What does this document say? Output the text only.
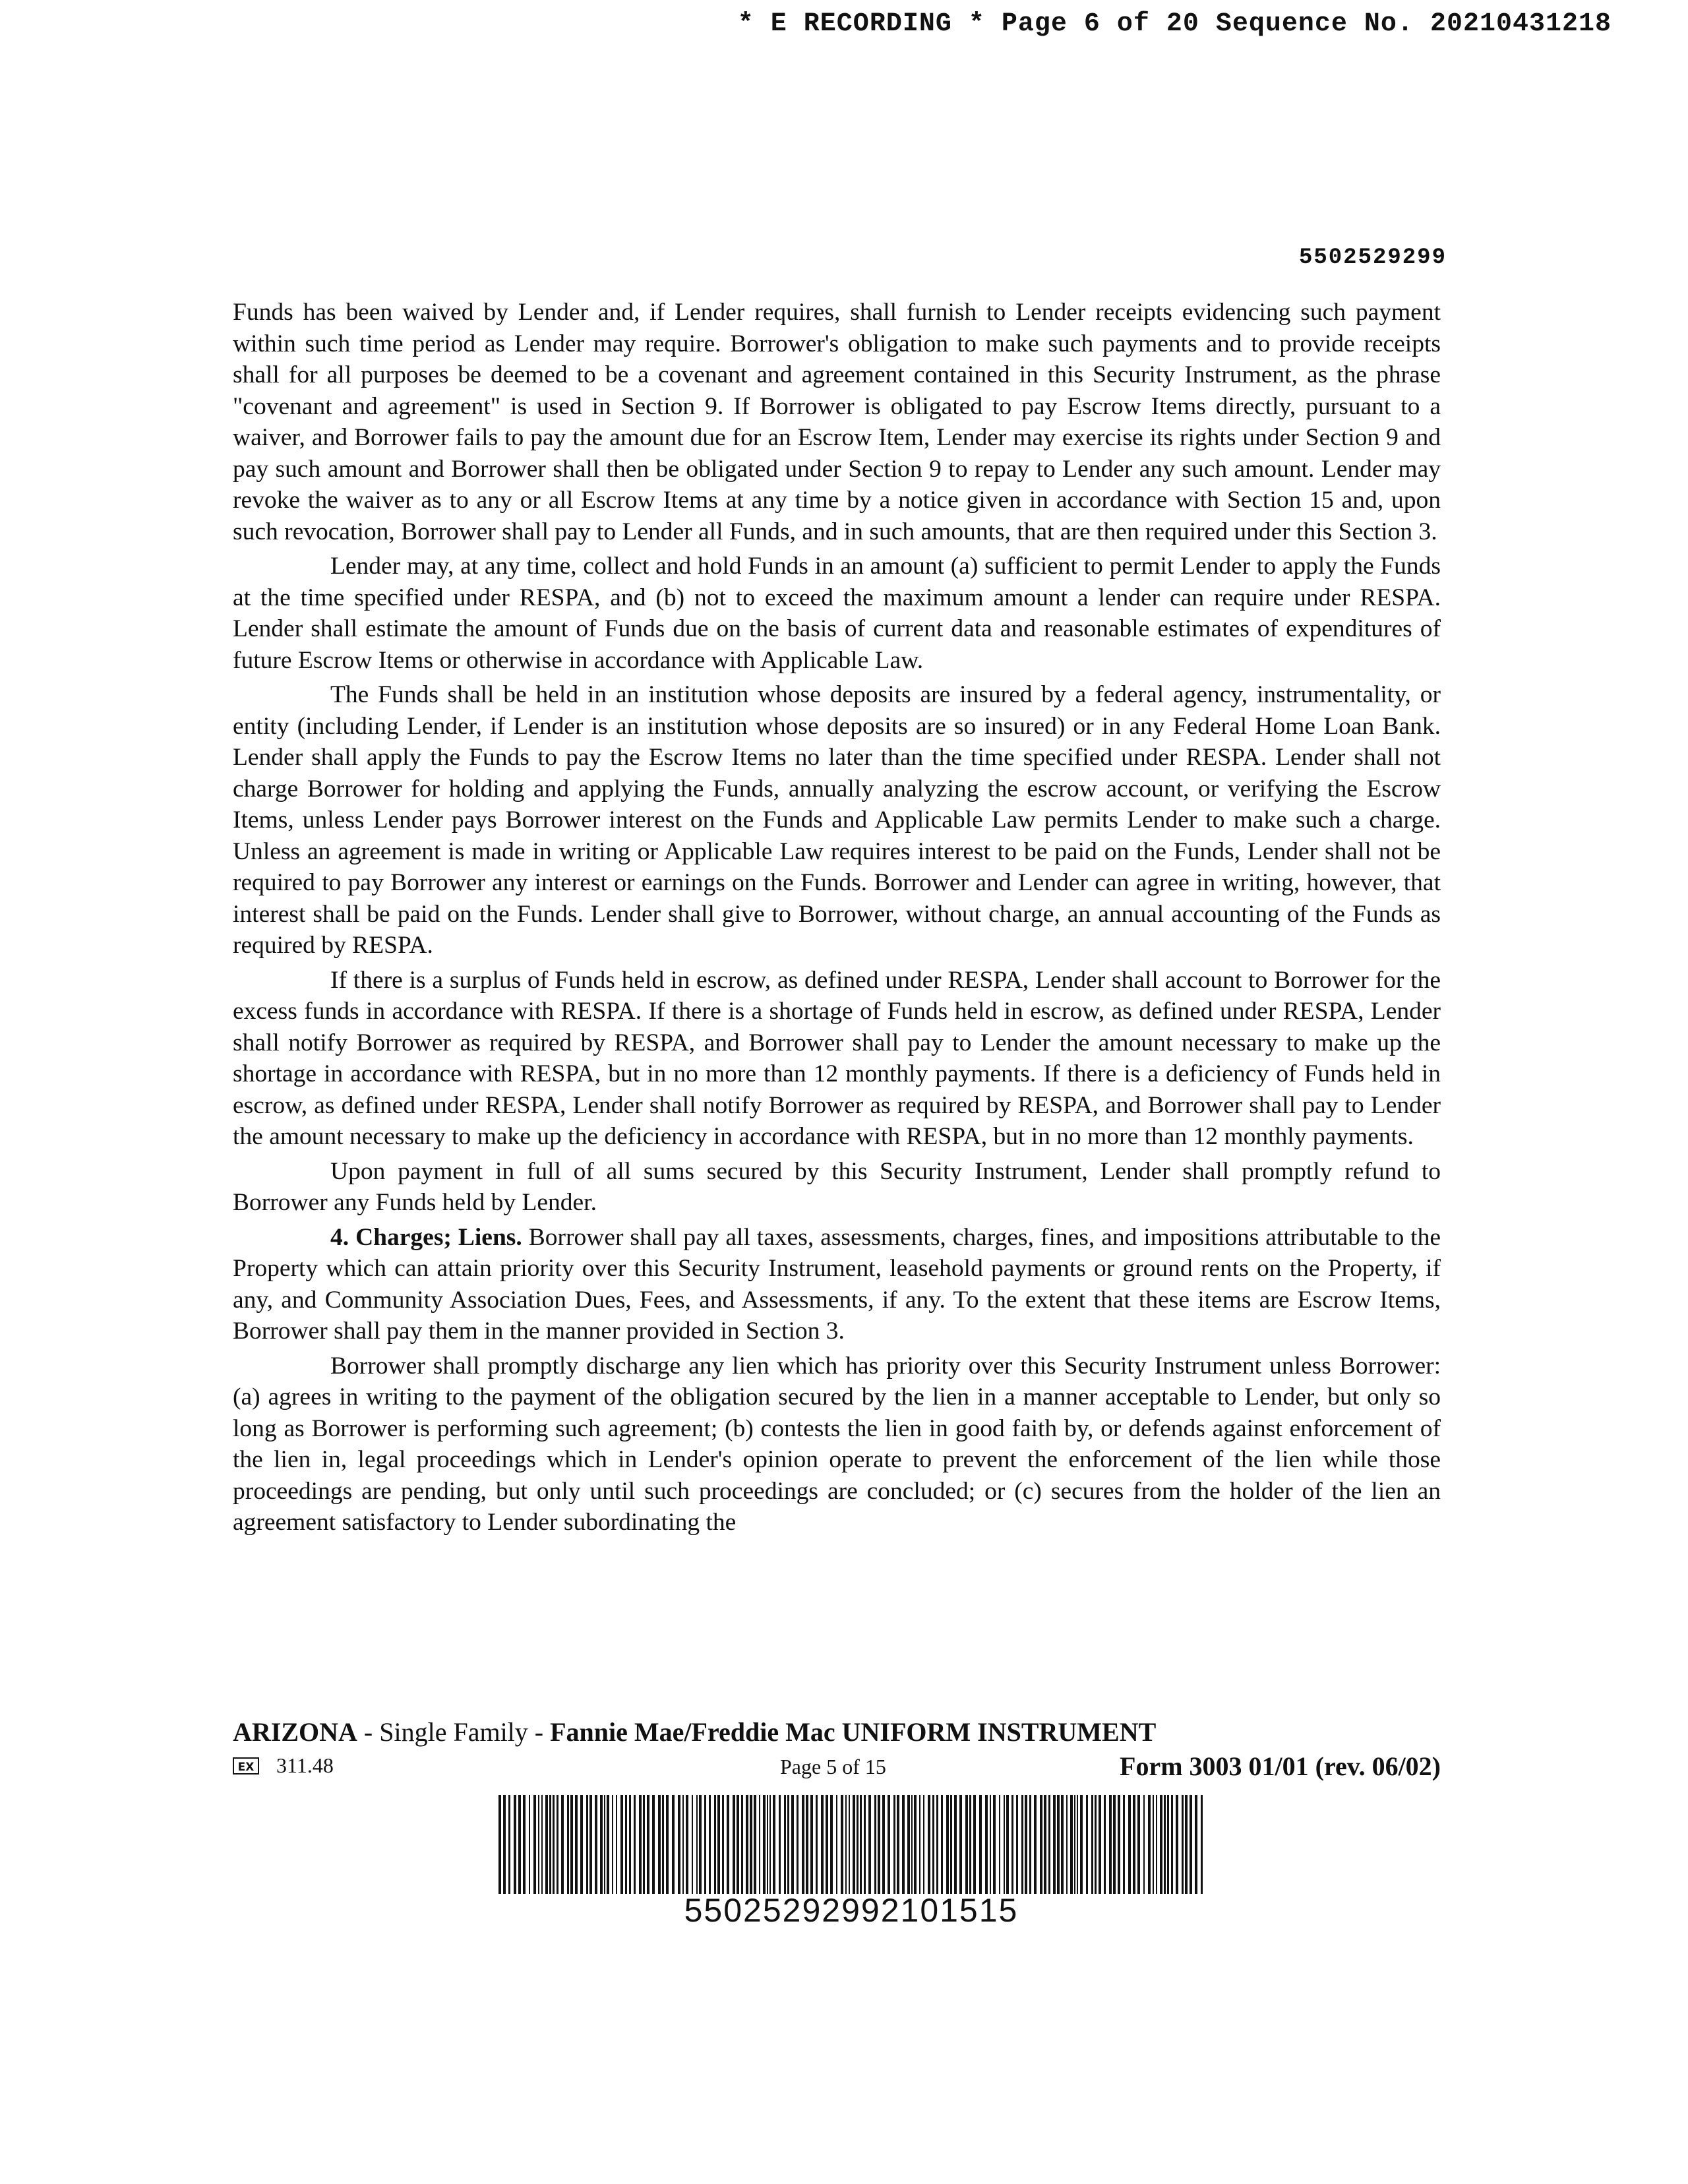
* E RECORDING * Page 6 of 20 Sequence No. 20210431218
5502529299

Funds has been waived by Lender and, if Lender requires, shall furnish to Lender receipts evidencing such payment within such time period as Lender may require. Borrower's obligation to make such payments and to provide receipts shall for all purposes be deemed to be a covenant and agreement contained in this Security Instrument, as the phrase "covenant and agreement" is used in Section 9. If Borrower is obligated to pay Escrow Items directly, pursuant to a waiver, and Borrower fails to pay the amount due for an Escrow Item, Lender may exercise its rights under Section 9 and pay such amount and Borrower shall then be obligated under Section 9 to repay to Lender any such amount. Lender may revoke the waiver as to any or all Escrow Items at any time by a notice given in accordance with Section 15 and, upon such revocation, Borrower shall pay to Lender all Funds, and in such amounts, that are then required under this Section 3.

Lender may, at any time, collect and hold Funds in an amount (a) sufficient to permit Lender to apply the Funds at the time specified under RESPA, and (b) not to exceed the maximum amount a lender can require under RESPA. Lender shall estimate the amount of Funds due on the basis of current data and reasonable estimates of expenditures of future Escrow Items or otherwise in accordance with Applicable Law.

The Funds shall be held in an institution whose deposits are insured by a federal agency, instrumentality, or entity (including Lender, if Lender is an institution whose deposits are so insured) or in any Federal Home Loan Bank. Lender shall apply the Funds to pay the Escrow Items no later than the time specified under RESPA. Lender shall not charge Borrower for holding and applying the Funds, annually analyzing the escrow account, or verifying the Escrow Items, unless Lender pays Borrower interest on the Funds and Applicable Law permits Lender to make such a charge. Unless an agreement is made in writing or Applicable Law requires interest to be paid on the Funds, Lender shall not be required to pay Borrower any interest or earnings on the Funds. Borrower and Lender can agree in writing, however, that interest shall be paid on the Funds. Lender shall give to Borrower, without charge, an annual accounting of the Funds as required by RESPA.

If there is a surplus of Funds held in escrow, as defined under RESPA, Lender shall account to Borrower for the excess funds in accordance with RESPA. If there is a shortage of Funds held in escrow, as defined under RESPA, Lender shall notify Borrower as required by RESPA, and Borrower shall pay to Lender the amount necessary to make up the shortage in accordance with RESPA, but in no more than 12 monthly payments. If there is a deficiency of Funds held in escrow, as defined under RESPA, Lender shall notify Borrower as required by RESPA, and Borrower shall pay to Lender the amount necessary to make up the deficiency in accordance with RESPA, but in no more than 12 monthly payments.

Upon payment in full of all sums secured by this Security Instrument, Lender shall promptly refund to Borrower any Funds held by Lender.

4. Charges; Liens. Borrower shall pay all taxes, assessments, charges, fines, and impositions attributable to the Property which can attain priority over this Security Instrument, leasehold payments or ground rents on the Property, if any, and Community Association Dues, Fees, and Assessments, if any. To the extent that these items are Escrow Items, Borrower shall pay them in the manner provided in Section 3.

Borrower shall promptly discharge any lien which has priority over this Security Instrument unless Borrower: (a) agrees in writing to the payment of the obligation secured by the lien in a manner acceptable to Lender, but only so long as Borrower is performing such agreement; (b) contests the lien in good faith by, or defends against enforcement of the lien in, legal proceedings which in Lender's opinion operate to prevent the enforcement of the lien while those proceedings are pending, but only until such proceedings are concluded; or (c) secures from the holder of the lien an agreement satisfactory to Lender subordinating the

ARIZONA - Single Family - Fannie Mae/Freddie Mac UNIFORM INSTRUMENT
EX 311.48	Page 5 of 15	Form 3003 01/01 (rev. 06/02)
55025292992101515
